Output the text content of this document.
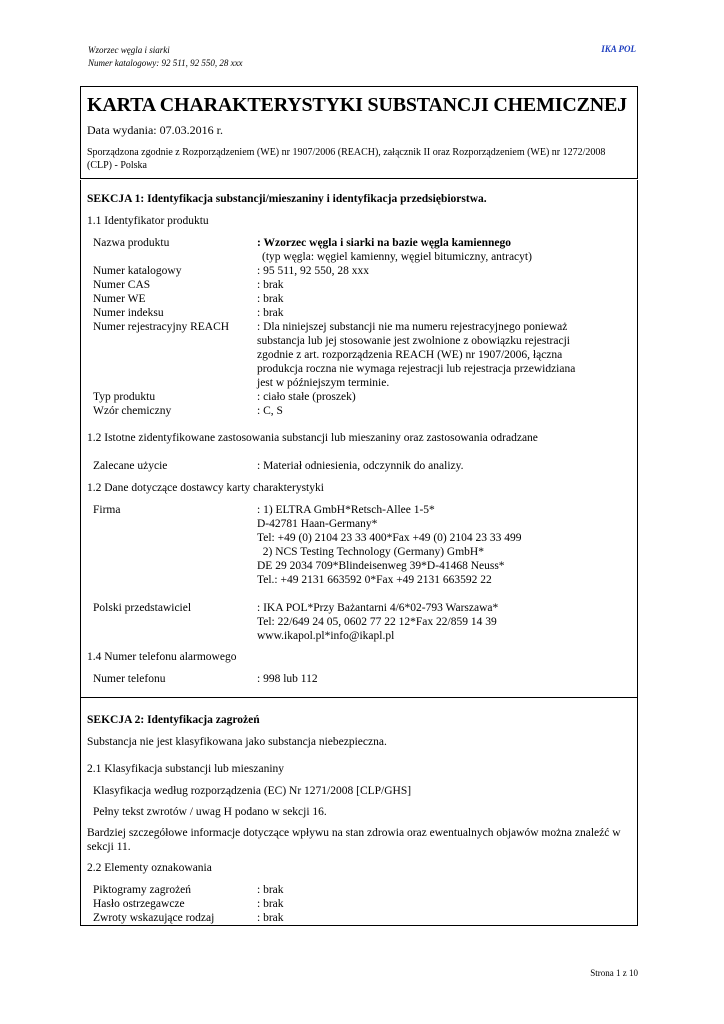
Wzorzec węgla i siarki
Numer katalogowy: 92 511, 92 550, 28 xxx
IKA POL
KARTA CHARAKTERYSTYKI SUBSTANCJI CHEMICZNEJ
Data wydania: 07.03.2016 r.
Sporządzona zgodnie z Rozporządzeniem (WE) nr 1907/2006 (REACH), załącznik II oraz Rozporządzeniem (WE) nr 1272/2008 (CLP) - Polska
SEKCJA 1: Identyfikacja substancji/mieszaniny i identyfikacja przedsiębiorstwa.
1.1 Identyfikator produktu
Nazwa produktu	: Wzorzec węgla i siarki na bazie węgla kamiennego
(typ węgla: węgiel kamienny, węgiel bitumiczny, antracyt)
Numer katalogowy	: 95 511, 92 550, 28 xxx
Numer CAS	: brak
Numer WE	: brak
Numer indeksu	: brak
Numer rejestracyjny REACH : Dla niniejszej substancji nie ma numeru rejestracyjnego ponieważ
substancja lub jej stosowanie jest zwolnione z obowiązku rejestracji
zgodnie z art. rozporządzenia REACH (WE) nr 1907/2006, łączna
produkcja roczna nie wymaga rejestracji lub rejestracja przewidziana
jest w późniejszym terminie.
Typ produktu	: ciało stałe (proszek)
Wzór chemiczny	: C, S
1.2 Istotne zidentyfikowane zastosowania substancji lub mieszaniny oraz zastosowania odradzane
Zalecane użycie	: Materiał odniesienia, odczynnik do analizy.
1.2 Dane dotyczące dostawcy karty charakterystyki
Firma	: 1) ELTRA GmbH*Retsch-Allee 1-5*
D-42781 Haan-Germany*
Tel: +49 (0) 2104 23 33 400*Fax +49 (0) 2104 23 33 499
2) NCS Testing Technology (Germany) GmbH*
DE 29 2034 709*Blindeisenweg 39*D-41468 Neuss*
Tel.: +49 2131 663592 0*Fax +49 2131 663592 22
Polski przedstawiciel	: IKA POL*Przy Bażantarni 4/6*02-793 Warszawa*
Tel: 22/649 24 05, 0602 77 22 12*Fax 22/859 14 39
www.ikapol.pl*info@ikapl.pl
1.4 Numer telefonu alarmowego
Numer telefonu	: 998 lub 112
SEKCJA 2: Identyfikacja zagrożeń
Substancja nie jest klasyfikowana jako substancja niebezpieczna.
2.1 Klasyfikacja substancji lub mieszaniny
Klasyfikacja według rozporządzenia (EC) Nr 1271/2008 [CLP/GHS]
Pełny tekst zwrotów / uwag H podano w sekcji 16.
Bardziej szczegółowe informacje dotyczące wpływu na stan zdrowia oraz ewentualnych objawów można znaleźć w sekcji 11.
2.2 Elementy oznakowania
Piktogramy zagrożeń	: brak
Hasło ostrzegawcze	: brak
Zwroty wskazujące rodzaj	: brak
Strona 1 z 10
